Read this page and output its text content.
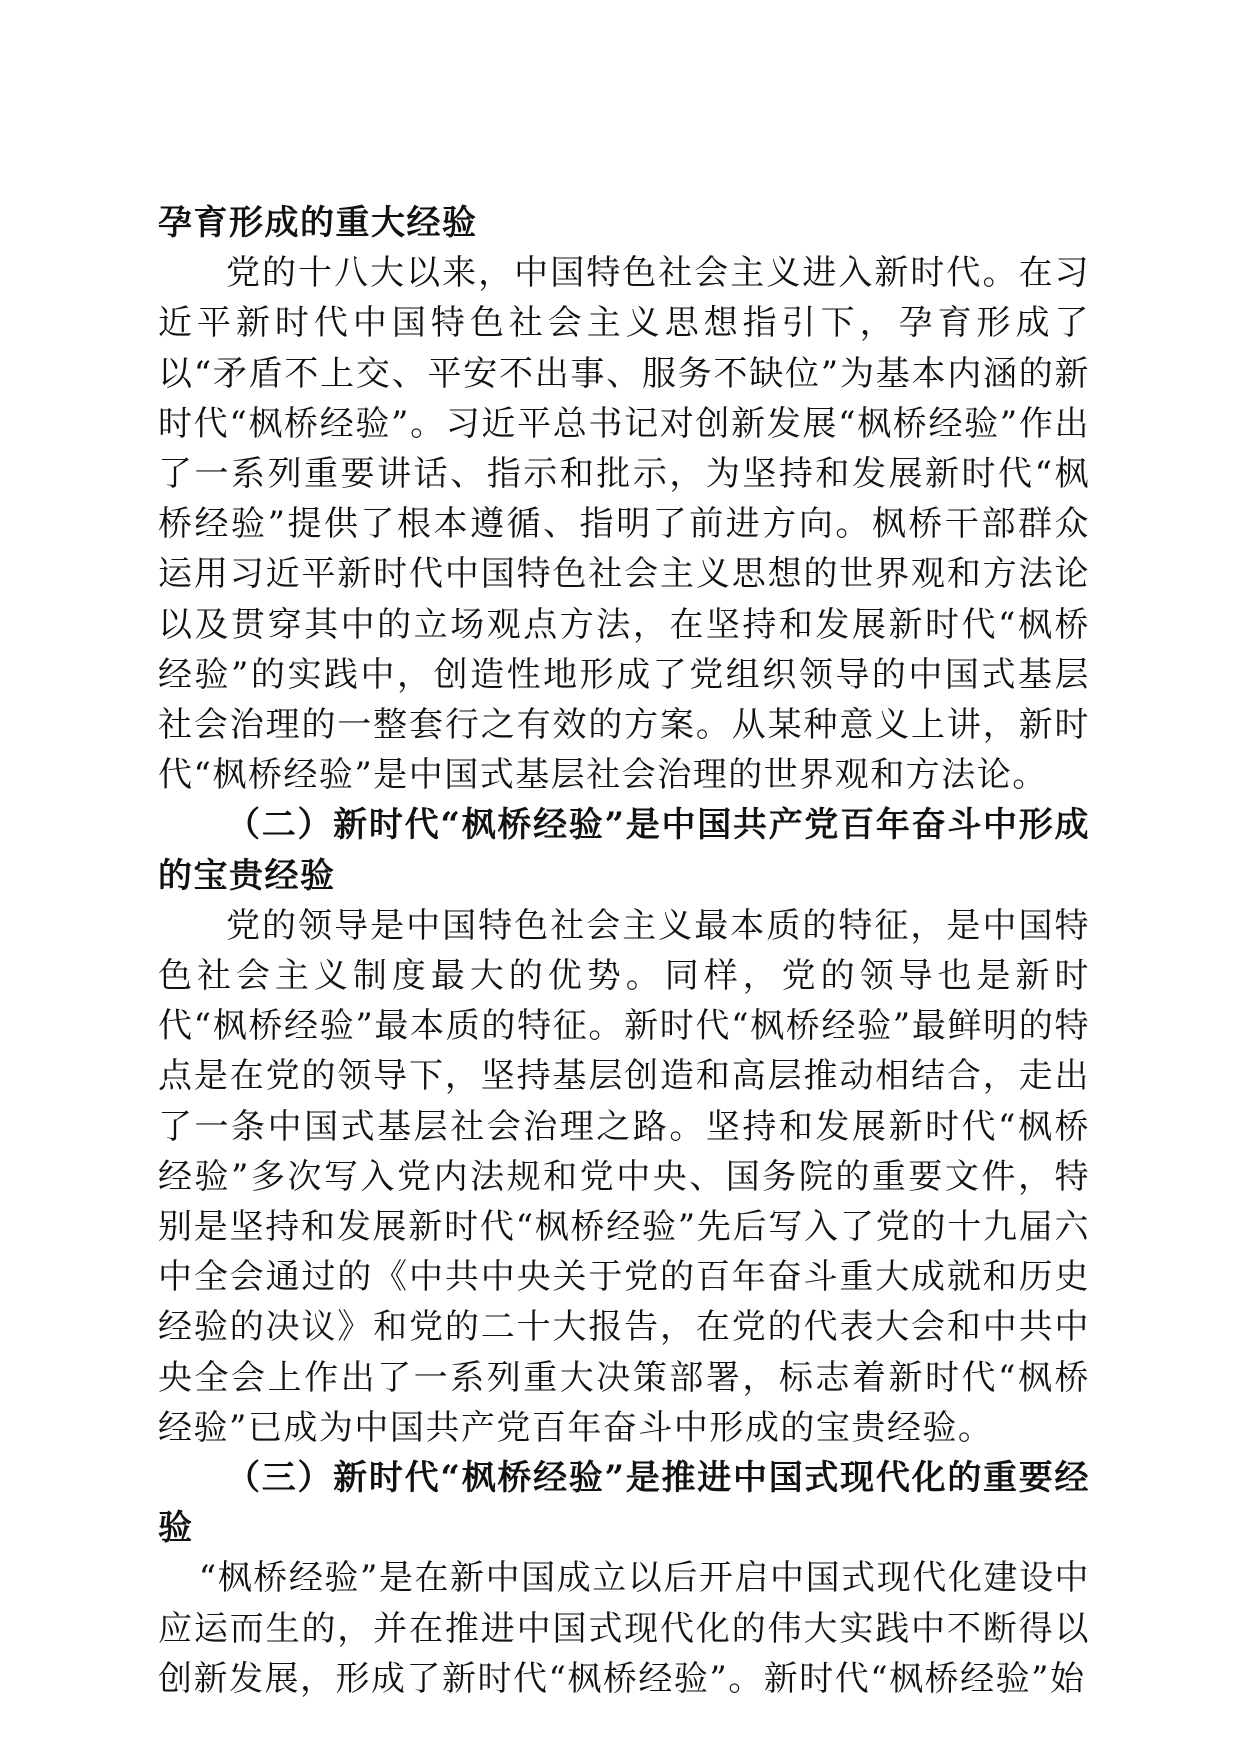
孕育形成的重大经验

党的十八大以来，中国特色社会主义进入新时代。在习近平新时代中国特色社会主义思想指引下，孕育形成了以“矛盾不上交、平安不出事、服务不缺位”为基本内涵的新时代“枫桥经验”。习近平总书记对创新发展“枫桥经验”作出了一系列重要讲话、指示和批示，为坚持和发展新时代“枫桥经验”提供了根本遵循、指明了前进方向。枫桥干部群众运用习近平新时代中国特色社会主义思想的世界观和方法论以及贯穿其中的立场观点方法，在坚持和发展新时代“枫桥经验”的实践中，创造性地形成了党组织领导的中国式基层社会治理的一整套行之有效的方案。从某种意义上讲，新时代“枫桥经验”是中国式基层社会治理的世界观和方法论。

（二）新时代“枫桥经验”是中国共产党百年奋斗中形成的宝贵经验

党的领导是中国特色社会主义最本质的特征，是中国特色社会主义制度最大的优势。同样，党的领导也是新时代“枫桥经验”最本质的特征。新时代“枫桥经验”最鲜明的特点是在党的领导下，坚持基层创造和高层推动相结合，走出了一条中国式基层社会治理之路。坚持和发展新时代“枫桥经验”多次写入党内法规和党中央、国务院的重要文件，特别是坚持和发展新时代“枫桥经验”先后写入了党的十九届六中全会通过的《中共中央关于党的百年奋斗重大成就和历史经验的决议》和党的二十大报告，在党的代表大会和中共中央全会上作出了一系列重大决策部署，标志着新时代“枫桥经验”已成为中国共产党百年奋斗中形成的宝贵经验。

（三）新时代“枫桥经验”是推进中国式现代化的重要经验

“枫桥经验”是在新中国成立以后开启中国式现代化建设中应运而生的，并在推进中国式现代化的伟大实践中不断得以创新发展，形成了新时代“枫桥经验”。新时代“枫桥经验”始
